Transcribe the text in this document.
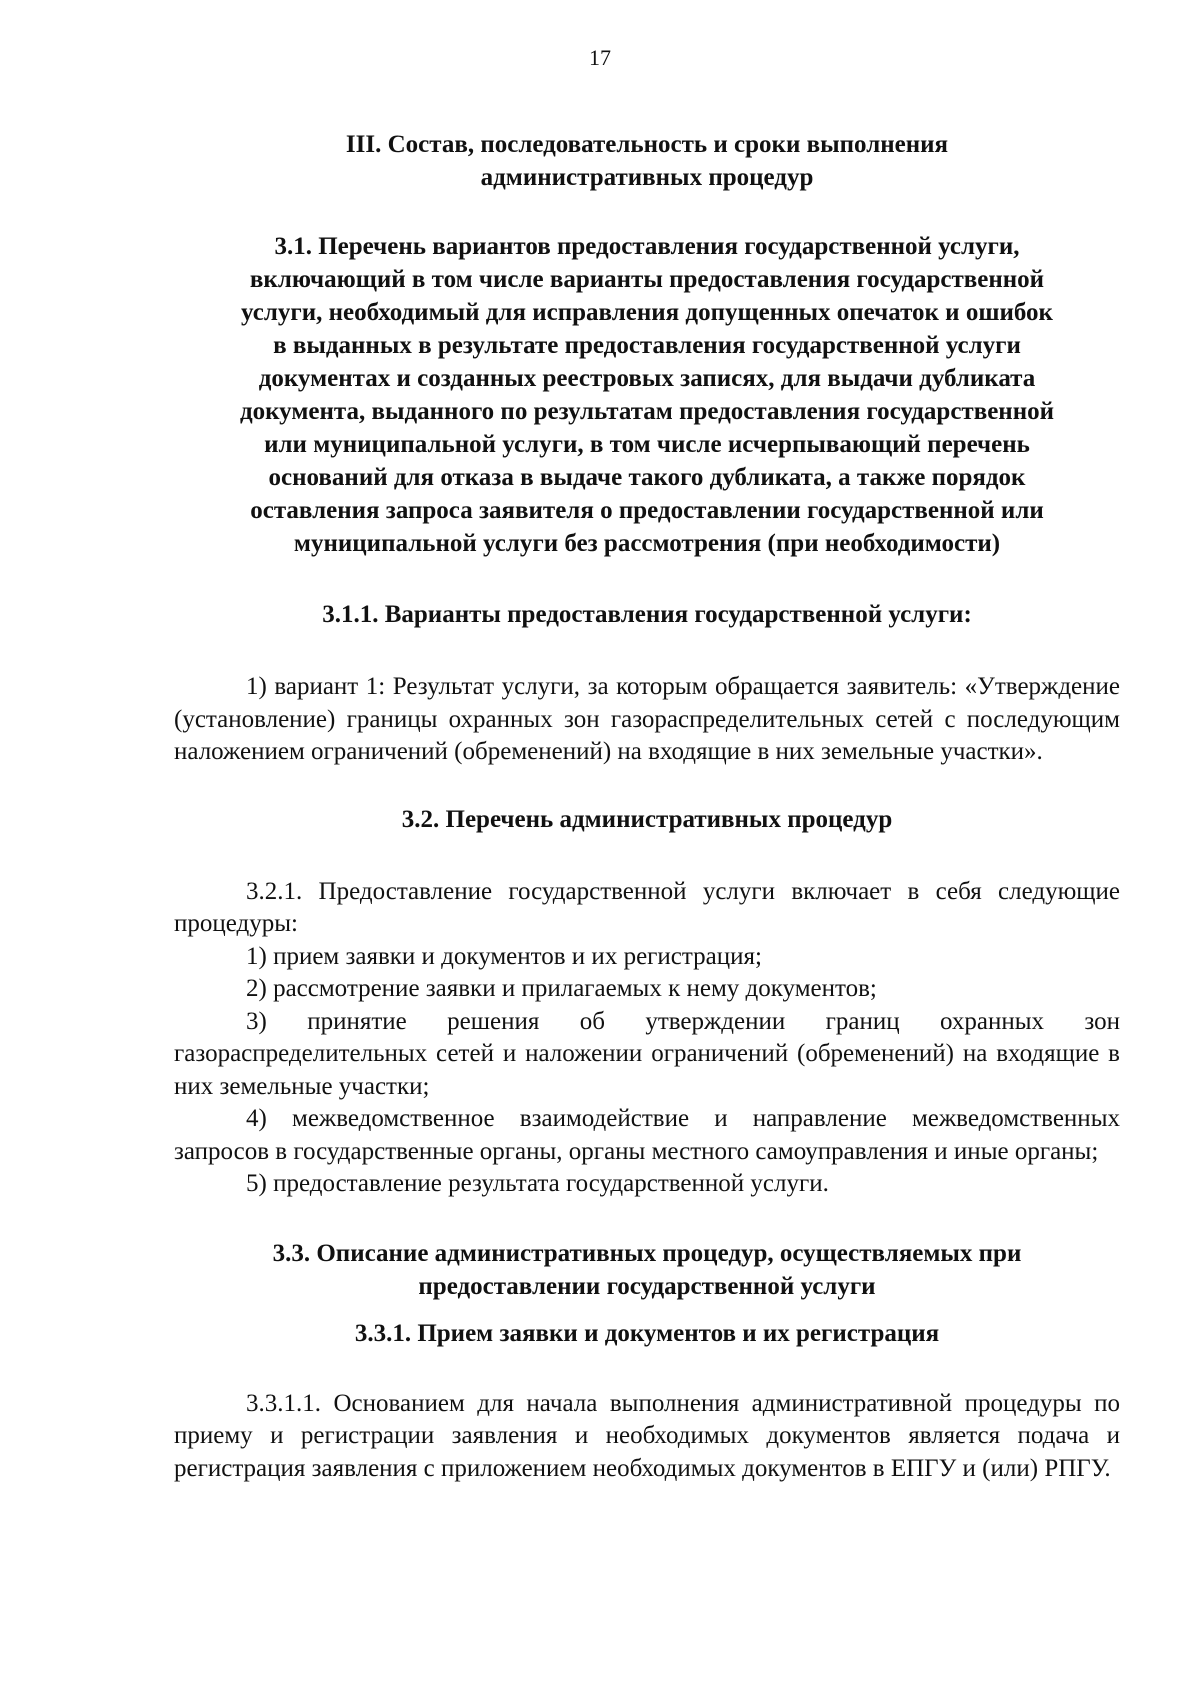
17
III. Состав, последовательность и сроки выполнения
административных процедур
3.1. Перечень вариантов предоставления государственной услуги,
включающий в том числе варианты предоставления государственной
услуги, необходимый для исправления допущенных опечаток и ошибок
в выданных в результате предоставления государственной услуги
документах и созданных реестровых записях, для выдачи дубликата
документа, выданного по результатам предоставления государственной
или муниципальной услуги, в том числе исчерпывающий перечень
оснований для отказа в выдаче такого дубликата, а также порядок
оставления запроса заявителя о предоставлении государственной или
муниципальной услуги без рассмотрения (при необходимости)
3.1.1. Варианты предоставления государственной услуги:

1) вариант 1: Результат услуги, за которым обращается заявитель: «Утверждение (установление) границы охранных зон газораспределительных сетей с последующим наложением ограничений (обременений) на входящие в них земельные участки».

3.2. Перечень административных процедур

3.2.1. Предоставление государственной услуги включает в себя следующие процедуры:

1) прием заявки и документов и их регистрация;

2) рассмотрение заявки и прилагаемых к нему документов;

3) принятие решения об утверждении границ охранных зон газораспределительных сетей и наложении ограничений (обременений) на входящие в них земельные участки;

4) межведомственное взаимодействие и направление межведомственных запросов в государственные органы, органы местного самоуправления и иные органы;

5) предоставление результата государственной услуги.

3.3. Описание административных процедур, осуществляемых при
предоставлении государственной услуги
3.3.1. Прием заявки и документов и их регистрация

3.3.1.1. Основанием для начала выполнения административной процедуры по приему и регистрации заявления и необходимых документов является подача и регистрация заявления с приложением необходимых документов в ЕПГУ и (или) РПГУ.
